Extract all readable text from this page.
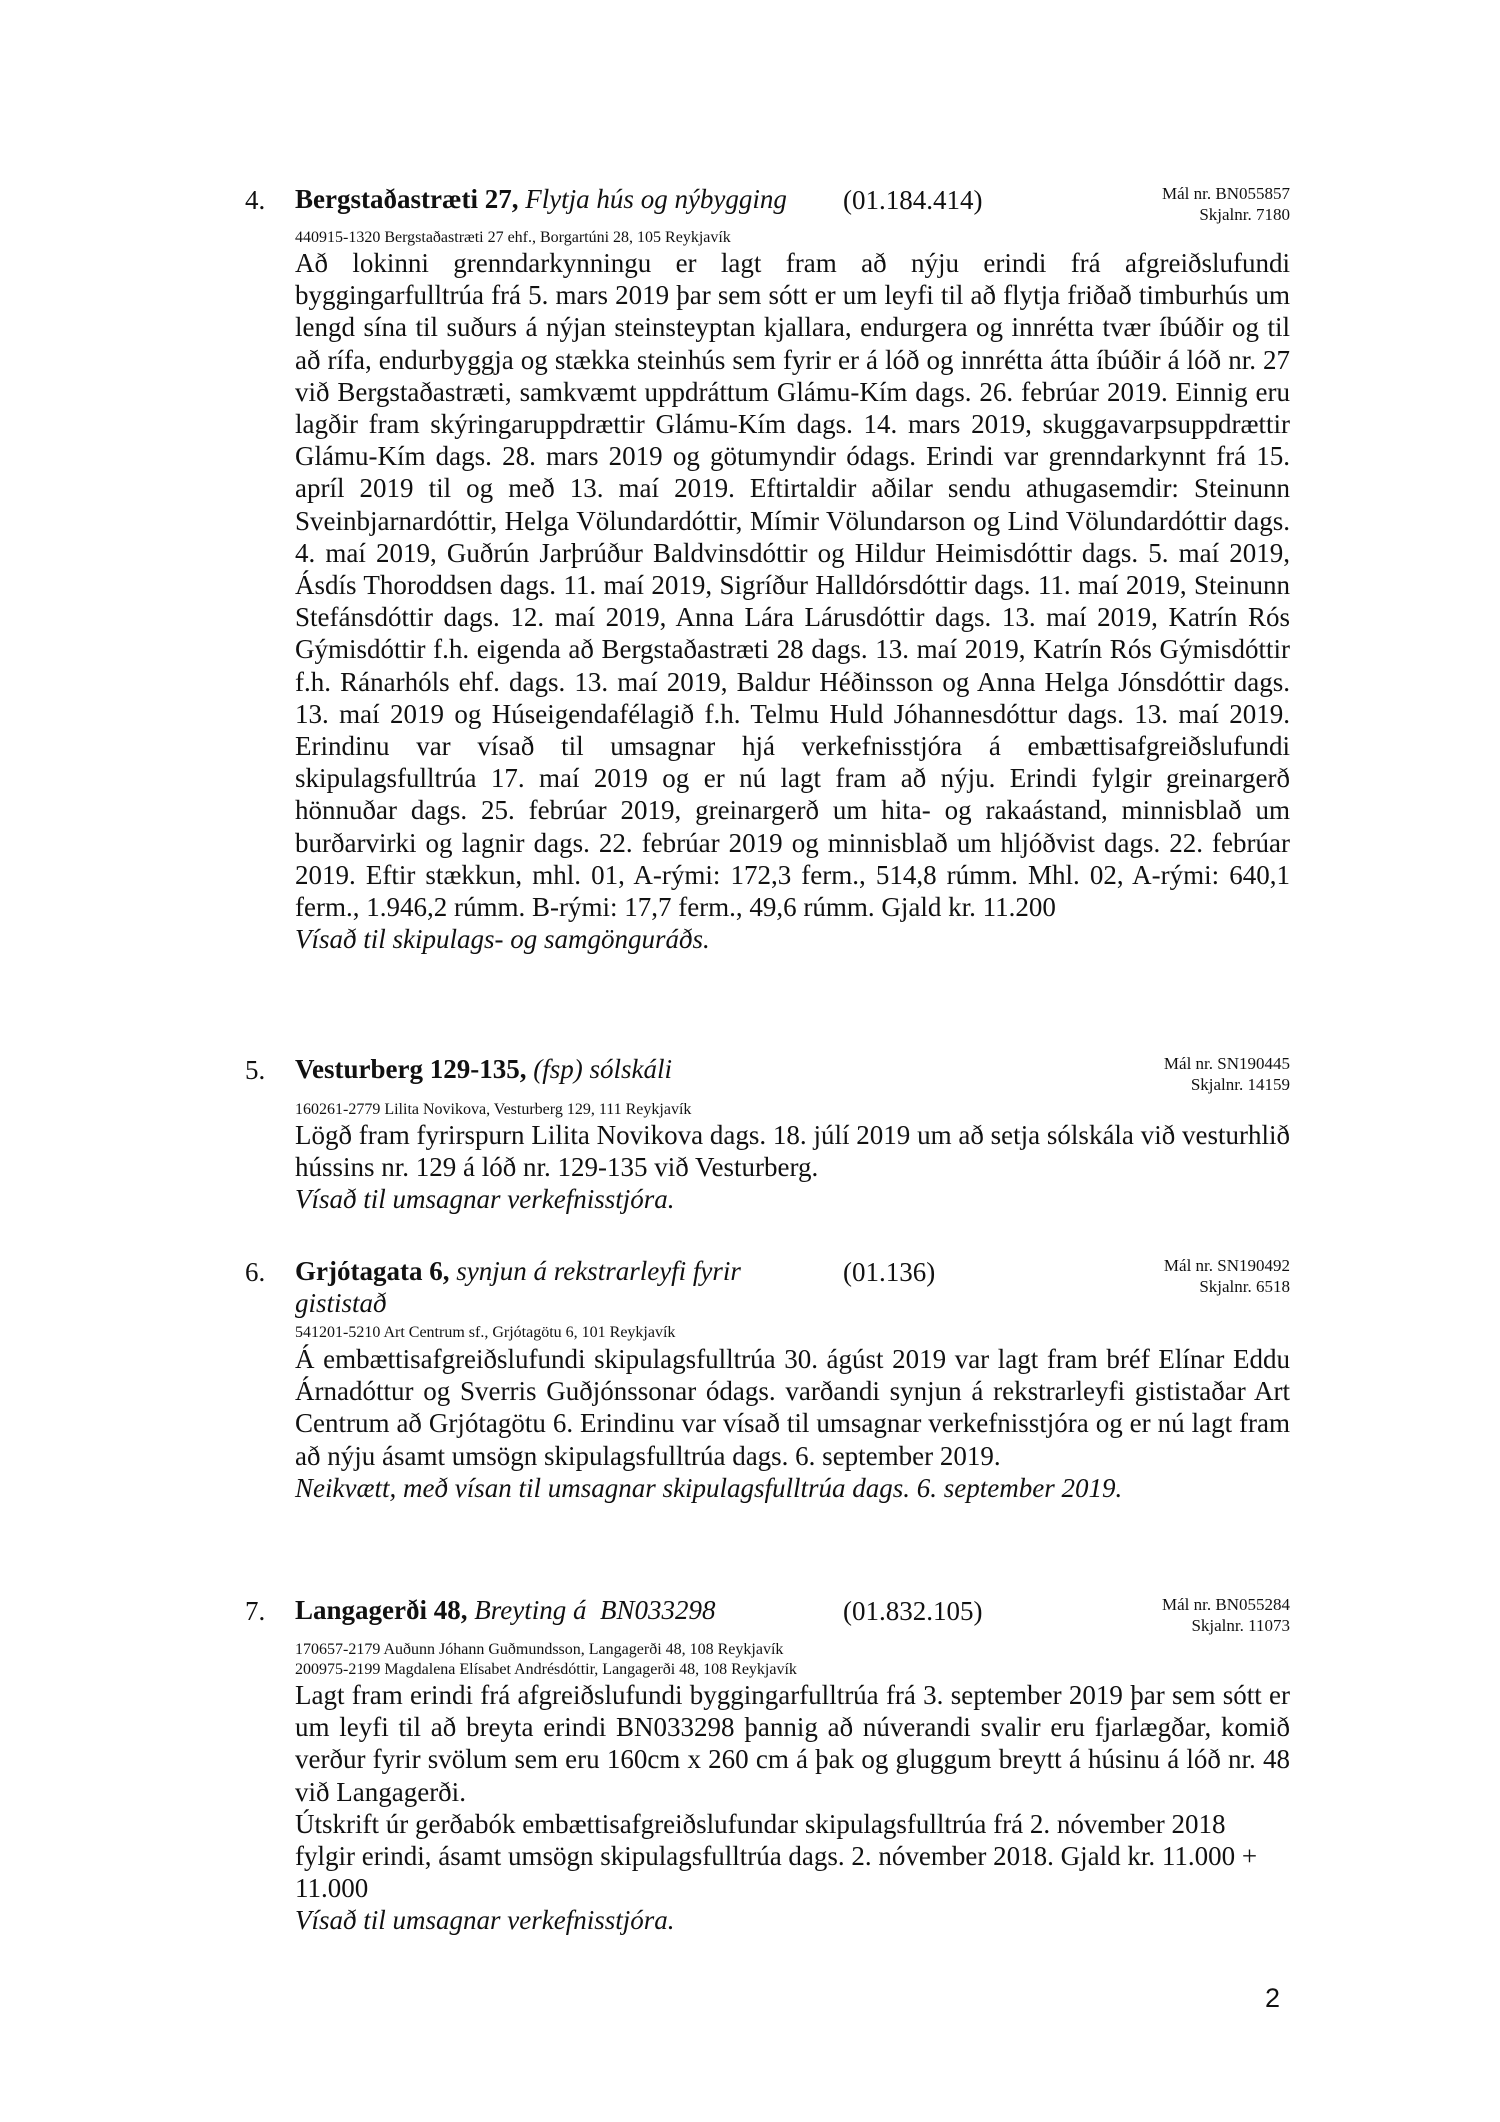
4. Bergstaðastræti 27, Flytja hús og nýbygging	(01.184.414)	Mál nr. BN055857
Skjalnr. 7180
440915-1320 Bergstaðastræti 27 ehf., Borgartúni 28, 105 Reykjavík

Að lokinni grenndarkynningu er lagt fram að nýju erindi frá afgreiðslufundi byggingarfulltrúa frá 5. mars 2019 þar sem sótt er um leyfi til að flytja friðað timburhús um lengd sína til suðurs á nýjan steinsteyptan kjallara, endurgera og innrétta tvær íbúðir og til að rífa, endurbyggja og stækka steinhús sem fyrir er á lóð og innrétta átta íbúðir á lóð nr. 27 við Bergstaðastræti, samkvæmt uppdráttum Glámu-Kím dags. 26. febrúar 2019. Einnig eru lagðir fram skýringaruppdrættir Glámu-Kím dags. 14. mars 2019, skuggavarpsuppdrættir Glámu-Kím dags. 28. mars 2019 og götumyndir ódags. Erindi var grenndarkynnt frá 15. apríl 2019 til og með 13. maí 2019. Eftirtaldir aðilar sendu athugasemdir: Steinunn Sveinbjarnardóttir, Helga Völundardóttir, Mímir Völundarson og Lind Völundardóttir dags. 4. maí 2019, Guðrún Jarþrúður Baldvinsdóttir og Hildur Heimisdóttir dags. 5. maí 2019, Ásdís Thoroddsen dags. 11. maí 2019, Sigríður Halldórsdóttir dags. 11. maí 2019, Steinunn Stefánsdóttir dags. 12. maí 2019, Anna Lára Lárusdóttir dags. 13. maí 2019, Katrín Rós Gýmisdóttir f.h. eigenda að Bergstaðastræti 28 dags. 13. maí 2019, Katrín Rós Gýmisdóttir f.h. Ránarhóls ehf. dags. 13. maí 2019, Baldur Héðinsson og Anna Helga Jónsdóttir dags. 13. maí 2019 og Húseigendafélagið f.h. Telmu Huld Jóhannesdóttur dags. 13. maí 2019. Erindinu var vísað til umsagnar hjá verkefnisstjóra á embættisafgreiðslufundi skipulagsfulltrúa 17. maí 2019 og er nú lagt fram að nýju. Erindi fylgir greinargerð hönnuðar dags. 25. febrúar 2019, greinargerð um hita- og rakaástand, minnisblað um burðarvirki og lagnir dags. 22. febrúar 2019 og minnisblað um hljóðvist dags. 22. febrúar 2019. Eftir stækkun, mhl. 01, A-rými: 172,3 ferm., 514,8 rúmm. Mhl. 02, A-rými: 640,1 ferm., 1.946,2 rúmm. B-rými: 17,7 ferm., 49,6 rúmm. Gjald kr. 11.200

Vísað til skipulags- og samgönguráðs.

5. Vesturberg 129-135, (fsp) sólskáli	Mál nr. SN190445
Skjalnr. 14159
160261-2779 Lilita Novikova, Vesturberg 129, 111 Reykjavík

Lögð fram fyrirspurn Lilita Novikova dags. 18. júlí 2019 um að setja sólskála við vesturhlið hússins nr. 129 á lóð nr. 129-135 við Vesturberg.

Vísað til umsagnar verkefnisstjóra.

6. Grjótagata 6, synjun á rekstrarleyfi fyrir gististað
(01.136)	Mál nr. SN190492
Skjalnr. 6518
541201-5210 Art Centrum sf., Grjótagötu 6, 101 Reykjavík

Á embættisafgreiðslufundi skipulagsfulltrúa 30. ágúst 2019 var lagt fram bréf Elínar Eddu Árnadóttur og Sverris Guðjónssonar ódags. varðandi synjun á rekstrarleyfi gististaðar Art Centrum að Grjótagötu 6. Erindinu var vísað til umsagnar verkefnisstjóra og er nú lagt fram að nýju ásamt umsögn skipulagsfulltrúa dags. 6. september 2019.

Neikvætt, með vísan til umsagnar skipulagsfulltrúa dags. 6. september 2019.

7. Langagerði 48, Breyting á  BN033298	(01.832.105)	Mál nr. BN055284
Skjalnr. 11073
170657-2179 Auðunn Jóhann Guðmundsson, Langagerði 48, 108 Reykjavík
200975-2199 Magdalena Elísabet Andrésdóttir, Langagerði 48, 108 Reykjavík

Lagt fram erindi frá afgreiðslufundi byggingarfulltrúa frá 3. september 2019 þar sem sótt er um leyfi til að breyta erindi BN033298 þannig að núverandi svalir eru fjarlægðar, komið verður fyrir svölum sem eru 160cm x 260 cm á þak og gluggum breytt á húsinu á lóð nr. 48 við Langagerði.

Útskrift úr gerðabók embættisafgreiðslufundar skipulagsfulltrúa frá 2. nóvember 2018 fylgir erindi, ásamt umsögn skipulagsfulltrúa dags. 2. nóvember 2018. Gjald kr. 11.000 + 11.000

Vísað til umsagnar verkefnisstjóra.

2
